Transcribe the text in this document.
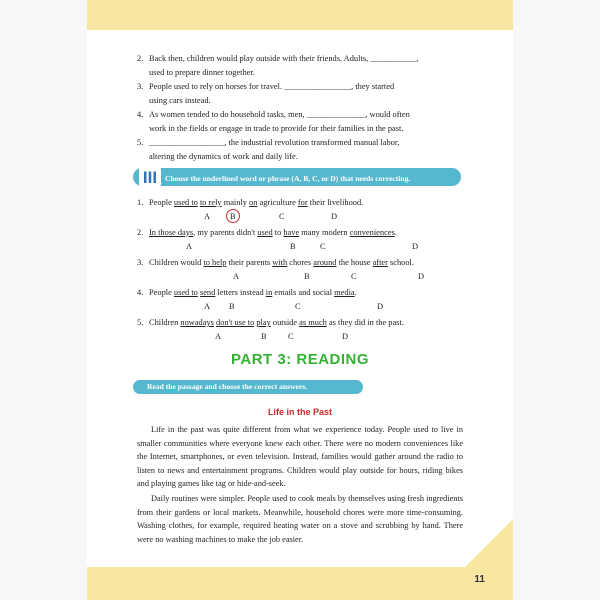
2. Back then, children would play outside with their friends. Adults, ___________,
used to prepare dinner together.
3. People used to rely on horses for travel. ________________, they started
using cars instead.
4. As women tended to do household tasks, men, ______________, would often
work in the fields or engage in trade to provide for their families in the past.
5. __________________, the industrial revolution transformed manual labor,
altering the dynamics of work and daily life.
III	Choose the underlined word or phrase (A, B, C, or D) that needs correcting.
1. People used to to rely mainly on agriculture for their livelihood.
A B	C	D
2. In those days, my parents didn't used to have many modern conveniences.
A	B	C	D
3. Children would to help their parents with chores around the house after school.
A	B	C	D
4. People used to send letters instead in emails and social media.
A B	C	D
5. Children nowadays don't use to play outside as much as they did in the past.
A	B	C	D
PART 3: READING
Read the passage and choose the correct answers.
Life in the Past
Life in the past was quite different from what we experience today. People used to live in smaller communities where everyone knew each other. There were no modern conveniences like the Internet, smartphones, or even television. Instead, families would gather around the radio to listen to news and entertainment programs. Children would play outside for hours, riding bikes and playing games like tag or hide-and-seek.
Daily routines were simpler. People used to cook meals by themselves using fresh ingredients from their gardens or local markets. Meanwhile, household chores were more time-consuming. Washing clothes, for example, required heating water on a stove and scrubbing by hand. There were no washing machines to make the job easier.
11
